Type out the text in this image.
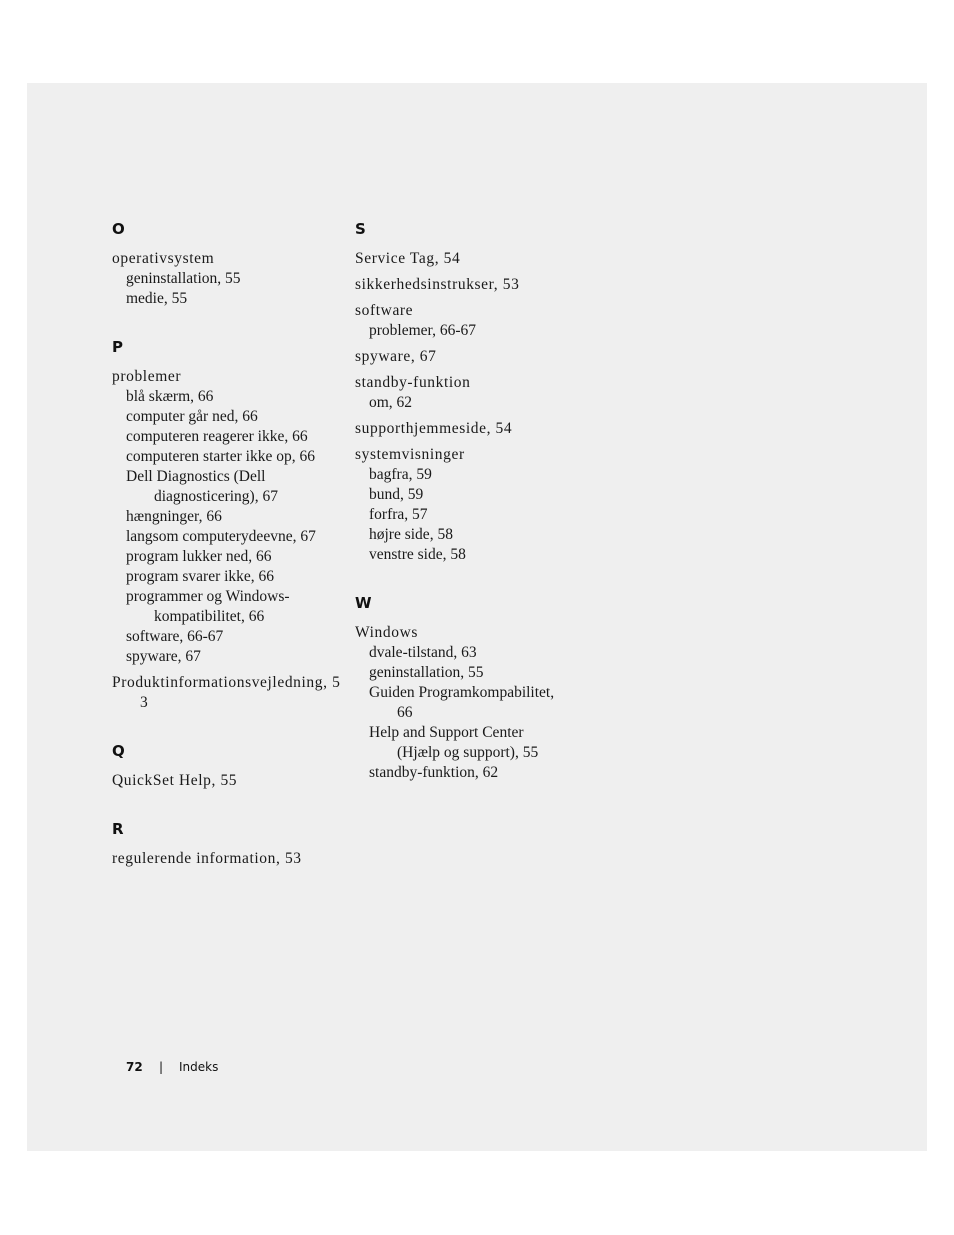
O
operativsystem
geninstallation, 55
medie, 55
P
problemer
blå skærm, 66
computer går ned, 66
computeren reagerer ikke, 66
computeren starter ikke op, 66
Dell Diagnostics (Dell diagnosticering), 67
hængninger, 66
langsom computerydeevne, 67
program lukker ned, 66
program svarer ikke, 66
programmer og Windows-kompatibilitet, 66
software, 66-67
spyware, 67
Produktinformationsvejledning, 53
Q
QuickSet Help, 55
R
regulerende information, 53
S
Service Tag, 54
sikkerhedsinstrukser, 53
software
problemer, 66-67
spyware, 67
standby-funktion
om, 62
supporthjemmeside, 54
systemvisninger
bagfra, 59
bund, 59
forfra, 57
højre side, 58
venstre side, 58
W
Windows
dvale-tilstand, 63
geninstallation, 55
Guiden Programkompabilitet, 66
Help and Support Center (Hjælp og support), 55
standby-funktion, 62
72 | Indeks
